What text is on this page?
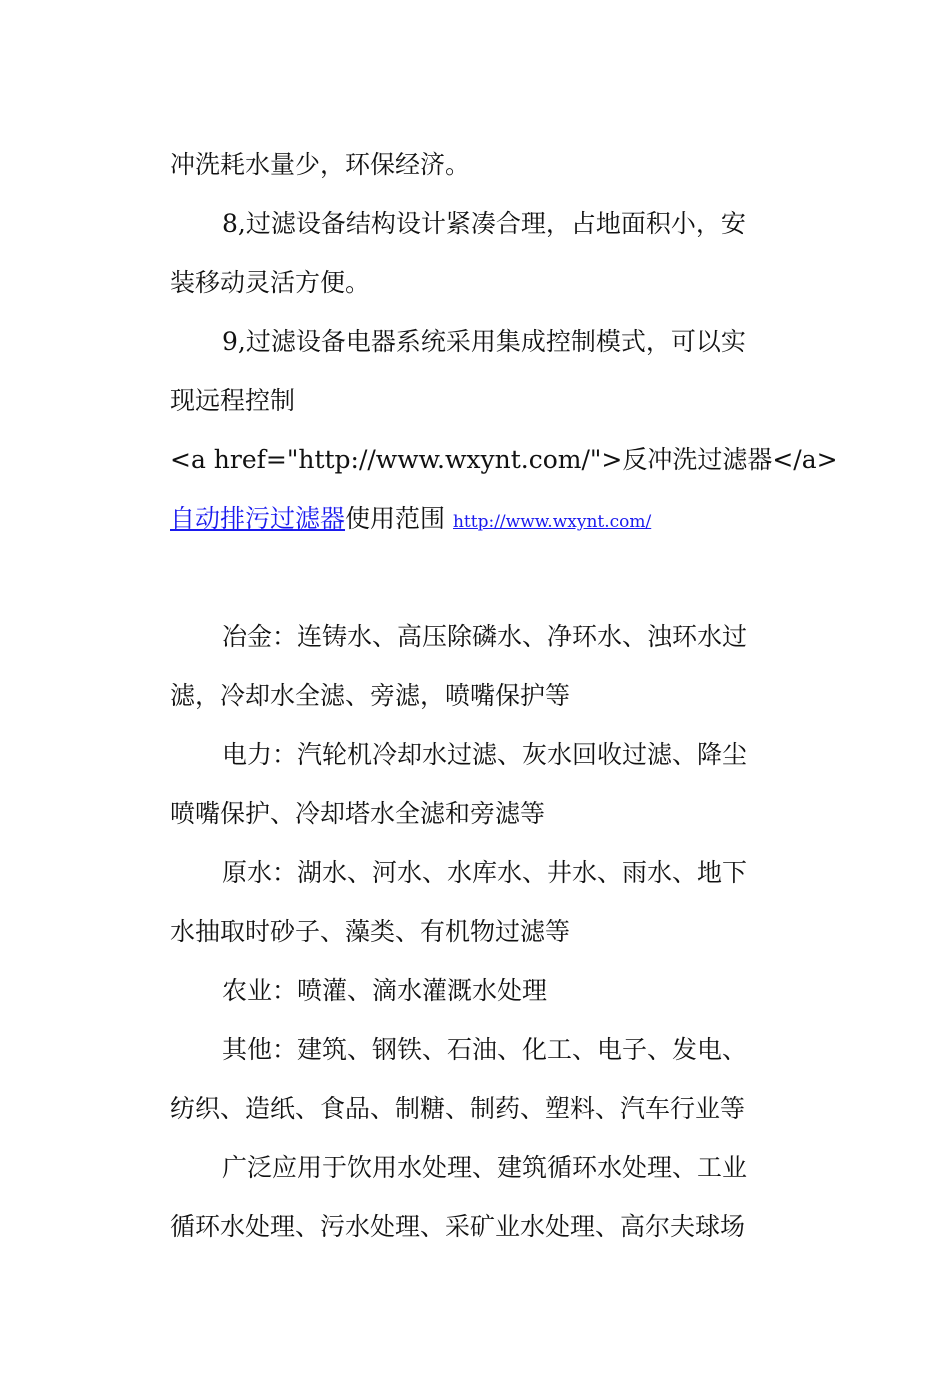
冲洗耗水量少，环保经济。
8,过滤设备结构设计紧凑合理，占地面积小，安
装移动灵活方便。
9,过滤设备电器系统采用集成控制模式，可以实
现远程控制
<a href="http://www.wxynt.com/">反冲洗过滤器</a>
自动排污过滤器使用范围 http://www.wxynt.com/
冶金：连铸水、高压除磷水、净环水、浊环水过
滤，冷却水全滤、旁滤，喷嘴保护等
电力：汽轮机冷却水过滤、灰水回收过滤、降尘
喷嘴保护、冷却塔水全滤和旁滤等
原水：湖水、河水、水库水、井水、雨水、地下
水抽取时砂子、藻类、有机物过滤等
农业：喷灌、滴水灌溉水处理
其他：建筑、钢铁、石油、化工、电子、发电、
纺织、造纸、食品、制糖、制药、塑料、汽车行业等
广泛应用于饮用水处理、建筑循环水处理、工业
循环水处理、污水处理、采矿业水处理、高尔夫球场
